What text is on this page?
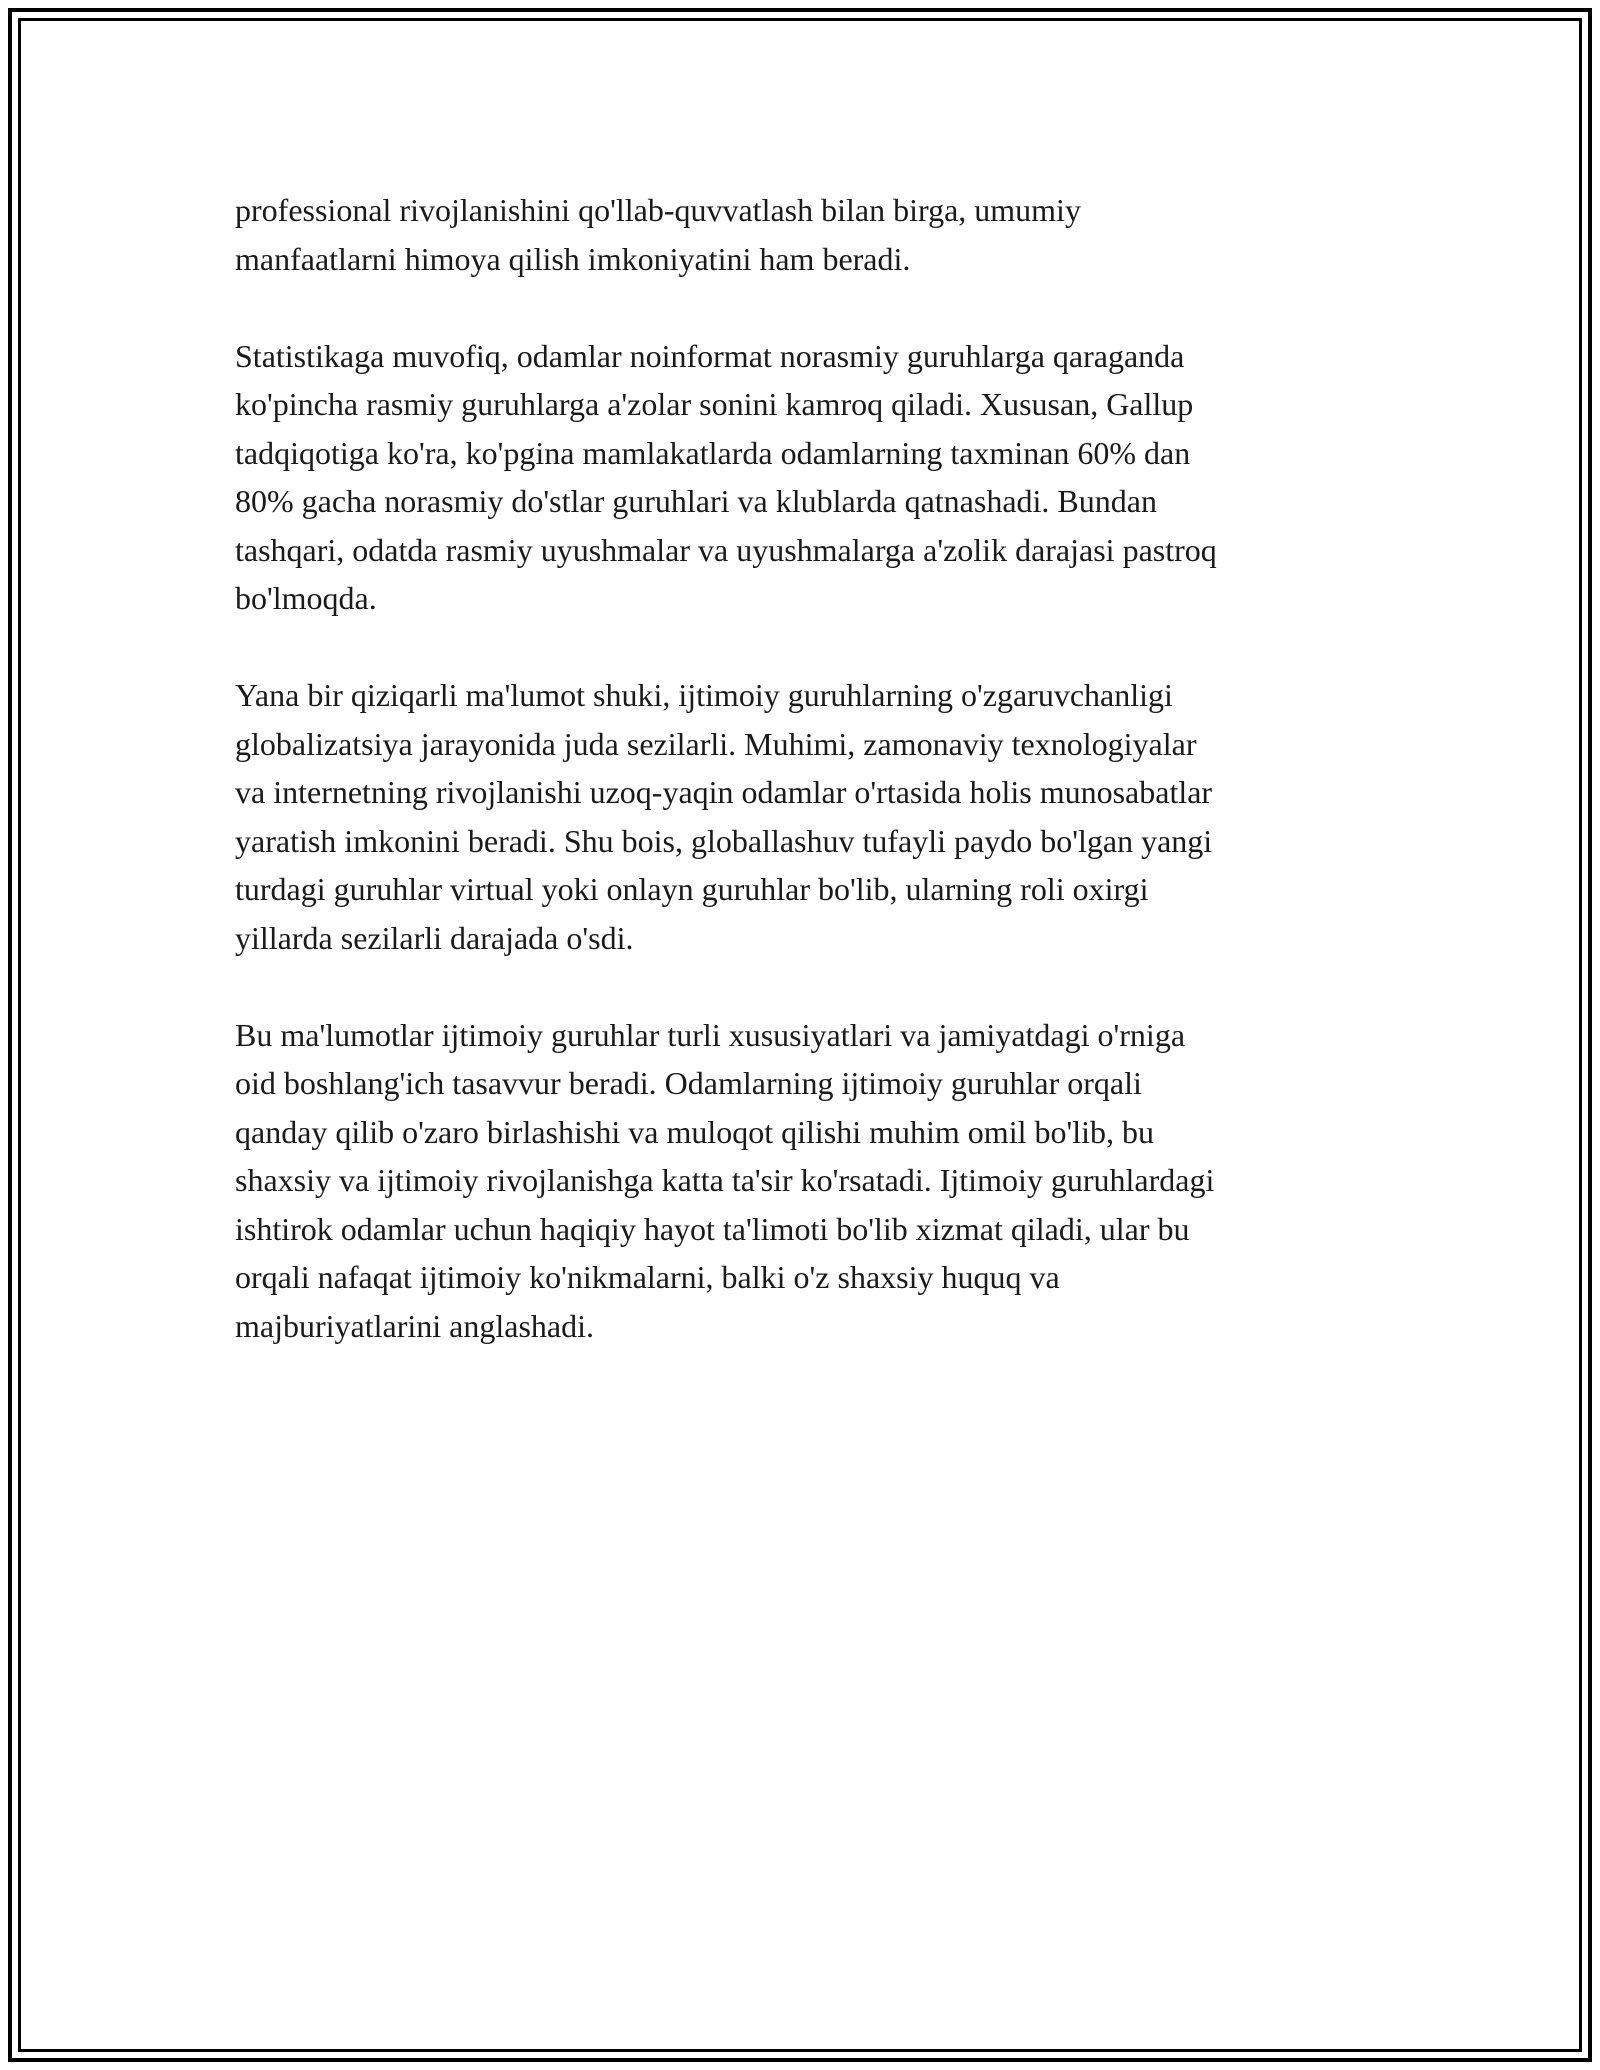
professional rivojlanishini qo'llab-quvvatlash bilan birga, umumiy
manfaatlarni himoya qilish imkoniyatini ham beradi.

Statistikaga muvofiq, odamlar noinformat norasmiy guruhlarga qaraganda
ko'pincha rasmiy guruhlarga a'zolar sonini kamroq qiladi. Xususan, Gallup
tadqiqotiga ko'ra, ko'pgina mamlakatlarda odamlarning taxminan 60% dan
80% gacha norasmiy do'stlar guruhlari va klublarda qatnashadi. Bundan
tashqari, odatda rasmiy uyushmalar va uyushmalarga a'zolik darajasi pastroq
bo'lmoqda.

Yana bir qiziqarli ma'lumot shuki, ijtimoiy guruhlarning o'zgaruvchanligi
globalizatsiya jarayonida juda sezilarli. Muhimi, zamonaviy texnologiyalar
va internetning rivojlanishi uzoq-yaqin odamlar o'rtasida holis munosabatlar
yaratish imkonini beradi. Shu bois, globallashuv tufayli paydo bo'lgan yangi
turdagi guruhlar virtual yoki onlayn guruhlar bo'lib, ularning roli oxirgi
yillarda sezilarli darajada o'sdi.

Bu ma'lumotlar ijtimoiy guruhlar turli xususiyatlari va jamiyatdagi o'rniga
oid boshlang'ich tasavvur beradi. Odamlarning ijtimoiy guruhlar orqali
qanday qilib o'zaro birlashishi va muloqot qilishi muhim omil bo'lib, bu
shaxsiy va ijtimoiy rivojlanishga katta ta'sir ko'rsatadi. Ijtimoiy guruhlardagi
ishtirok odamlar uchun haqiqiy hayot ta'limoti bo'lib xizmat qiladi, ular bu
orqali nafaqat ijtimoiy ko'nikmalarni, balki o'z shaxsiy huquq va
majburiyatlarini anglashadi.
